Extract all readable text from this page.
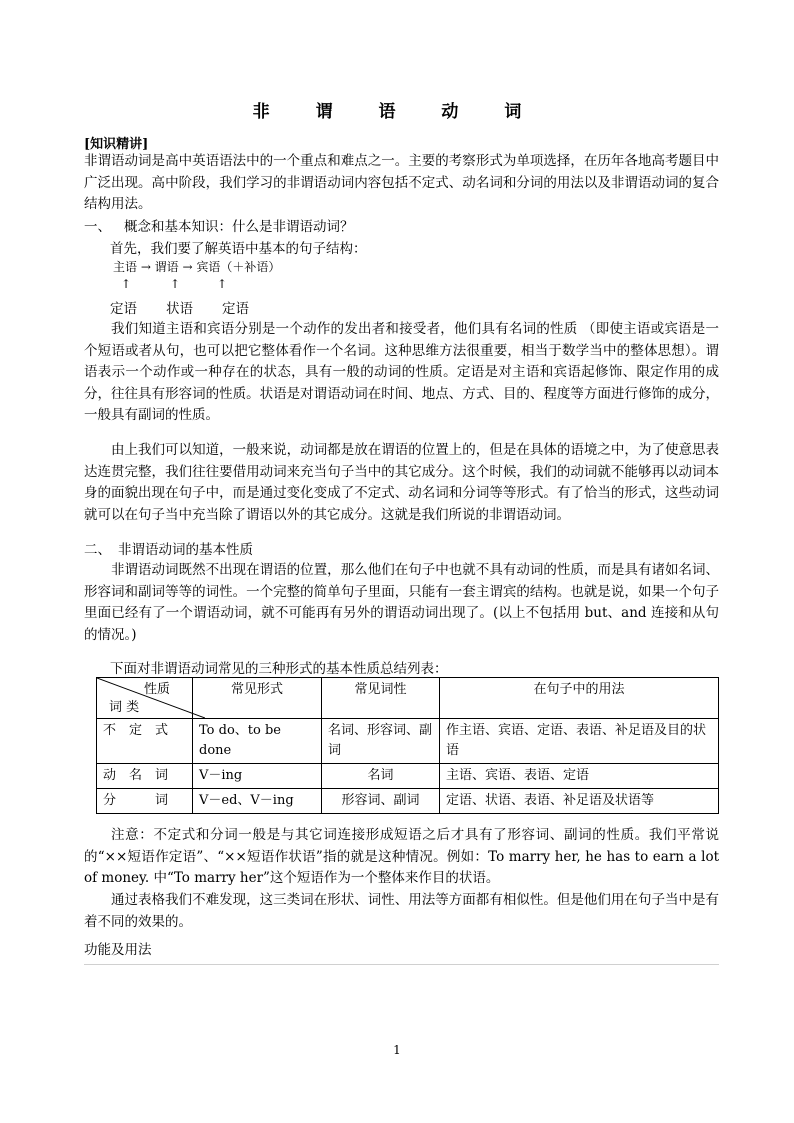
非 谓 语 动 词
[知识精讲]
非谓语动词是高中英语语法中的一个重点和难点之一。主要的考察形式为单项选择，在历年各地高考题目中广泛出现。高中阶段，我们学习的非谓语动词内容包括不定式、动名词和分词的用法以及非谓语动词的复合结构用法。
一、 概念和基本知识：什么是非谓语动词？
首先，我们要了解英语中基本的句子结构：
主语 → 谓语 → 宾语（＋补语）
↑	↑	↑
定语 状语 定语
我们知道主语和宾语分别是一个动作的发出者和接受者，他们具有名词的性质 （即使主语或宾语是一个短语或者从句，也可以把它整体看作一个名词。这种思维方法很重要，相当于数学当中的整体思想）。谓语表示一个动作或一种存在的状态，具有一般的动词的性质。定语是对主语和宾语起修饰、限定作用的成分，往往具有形容词的性质。状语是对谓语动词在时间、地点、方式、目的、程度等方面进行修饰的成分，一般具有副词的性质。
由上我们可以知道，一般来说，动词都是放在谓语的位置上的，但是在具体的语境之中，为了使意思表达连贯完整，我们往往要借用动词来充当句子当中的其它成分。这个时候，我们的动词就不能够再以动词本身的面貌出现在句子中，而是通过变化变成了不定式、动名词和分词等等形式。有了恰当的形式，这些动词就可以在句子当中充当除了谓语以外的其它成分。这就是我们所说的非谓语动词。
二、 非谓语动词的基本性质
非谓语动词既然不出现在谓语的位置，那么他们在句子中也就不具有动词的性质，而是具有诸如名词、形容词和副词等等的词性。一个完整的简单句子里面，只能有一套主谓宾的结构。也就是说，如果一个句子里面已经有了一个谓语动词，就不可能再有另外的谓语动词出现了。(以上不包括用 but、and 连接和从句的情况。)
下面对非谓语动词常见的三种形式的基本性质总结列表：
性质
词 类	常见形式	常见词性	在句子中的用法
不　定　式	To do、to be done	名词、形容词、副词	作主语、宾语、定语、表语、补足语及目的状语
动　名　词	V－ing	名词	主语、宾语、表语、定语
分　　　词	V－ed、V－ing	形容词、副词	定语、状语、表语、补足语及状语等
注意：不定式和分词一般是与其它词连接形成短语之后才具有了形容词、副词的性质。我们平常说的“××短语作定语”、“××短语作状语”指的就是这种情况。例如：To marry her, he has to earn a lot of money. 中“To marry her”这个短语作为一个整体来作目的状语。
通过表格我们不难发现，这三类词在形状、词性、用法等方面都有相似性。但是他们用在句子当中是有着不同的效果的。
功能及用法
1
